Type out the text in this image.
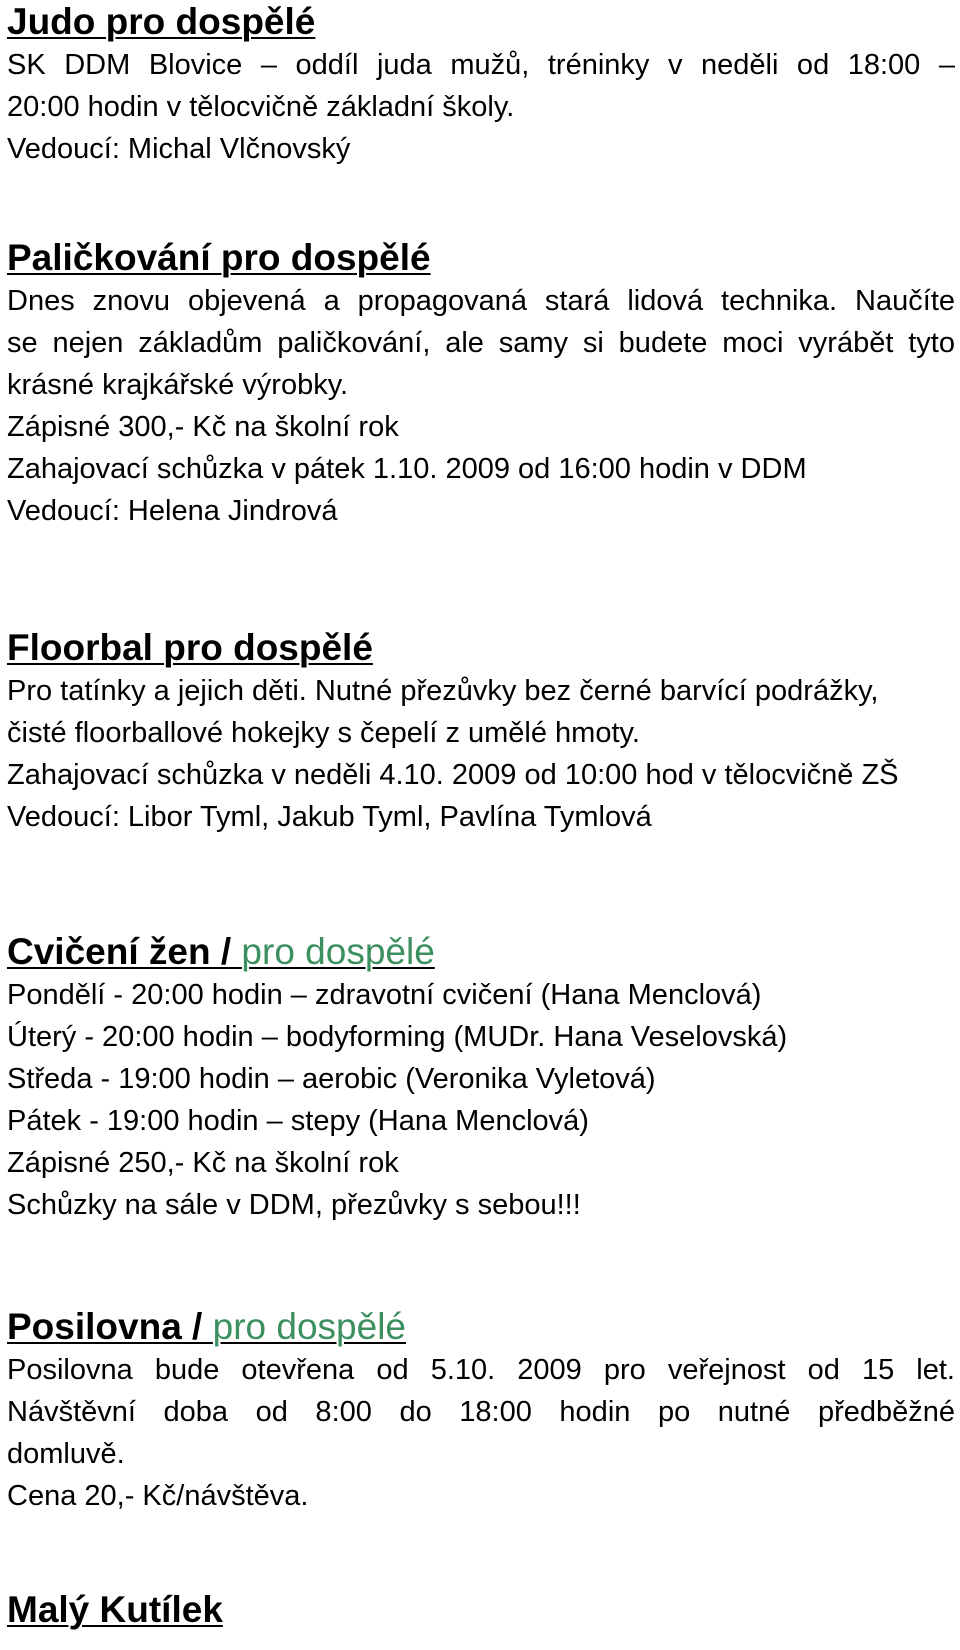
Judo pro dospělé

SK DDM Blovice – oddíl juda mužů, tréninky v neděli od 18:00 –

20:00 hodin v tělocvičně základní školy.

Vedoucí: Michal Vlčnovský

Paličkování pro dospělé

Dnes znovu objevená a propagovaná stará lidová technika. Naučíte

se nejen základům paličkování, ale samy si budete moci vyrábět tyto

krásné krajkářské výrobky.

Zápisné 300,- Kč na školní rok

Zahajovací schůzka v pátek 1.10. 2009 od 16:00 hodin v DDM

Vedoucí: Helena Jindrová

Floorbal pro dospělé

Pro tatínky a jejich děti. Nutné přezůvky bez černé barvící podrážky,

čisté floorballové hokejky s čepelí z umělé hmoty.

Zahajovací schůzka v neděli 4.10. 2009 od 10:00 hod v tělocvičně ZŠ

Vedoucí: Libor Tyml, Jakub Tyml, Pavlína Tymlová

Cvičení žen / pro dospělé

Pondělí - 20:00 hodin – zdravotní cvičení (Hana Menclová)

Úterý - 20:00 hodin – bodyforming (MUDr. Hana Veselovská)

Středa - 19:00 hodin – aerobic (Veronika Vyletová)

Pátek - 19:00 hodin – stepy (Hana Menclová)

Zápisné 250,- Kč na školní rok

Schůzky na sále v DDM, přezůvky s sebou!!!

Posilovna / pro dospělé

Posilovna bude otevřena od 5.10. 2009 pro veřejnost od 15 let.

Návštěvní doba od 8:00 do 18:00 hodin po nutné předběžné

domluvě.

Cena 20,- Kč/návštěva.

Malý Kutílek
